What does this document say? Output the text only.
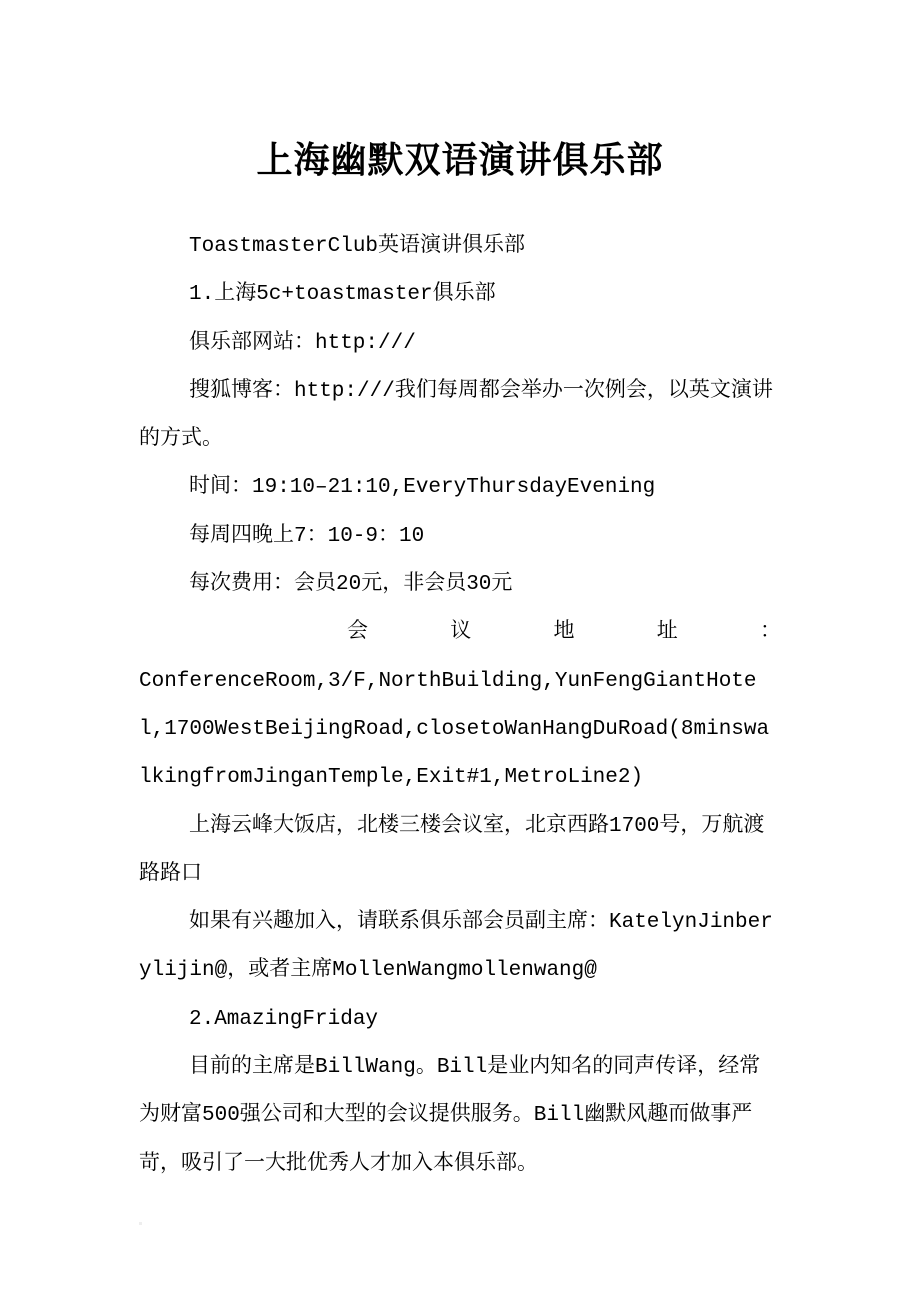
上海幽默双语演讲俱乐部

ToastmasterClub英语演讲俱乐部

1.上海5c+toastmaster俱乐部

俱乐部网站：http:///

搜狐博客：http:///我们每周都会举办一次例会，以英文演讲的方式。

时间：19:10–21:10,EveryThursdayEvening

每周四晚上7：10-9：10

每次费用：会员20元，非会员30元

会议地址：

ConferenceRoom,3/F,NorthBuilding,YunFengGiantHotel,1700WestBeijingRoad,closetoWanHangDuRoad(8minswalkingfromJinganTemple,Exit#1,MetroLine2)

上海云峰大饭店，北楼三楼会议室，北京西路1700号，万航渡路路口

如果有兴趣加入，请联系俱乐部会员副主席：KatelynJinberylijin@，或者主席MollenWangmollenwang@

2.AmazingFriday

目前的主席是BillWang。Bill是业内知名的同声传译，经常为财富500强公司和大型的会议提供服务。Bill幽默风趣而做事严苛，吸引了一大批优秀人才加入本俱乐部。
